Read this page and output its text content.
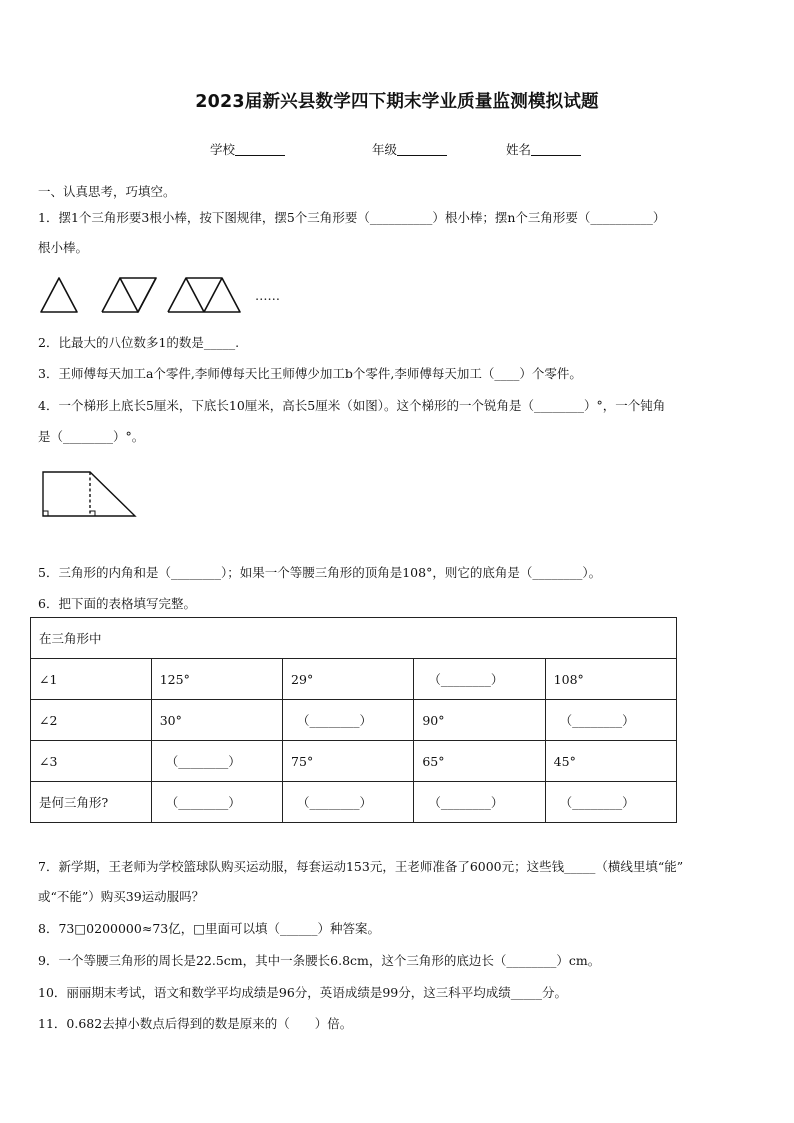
2023届新兴县数学四下期末学业质量监测模拟试题
学校	年级	姓名
一、认真思考，巧填空。
1．摆1个三角形要3根小棒，按下图规律，摆5个三角形要（__________）根小棒；摆n个三角形要（__________）
根小棒。
……
2．比最大的八位数多1的数是_____.
3．王师傅每天加工a个零件,李师傅每天比王师傅少加工b个零件,李师傅每天加工（____）个零件。
4．一个梯形上底长5厘米，下底长10厘米，高长5厘米（如图）。这个梯形的一个锐角是（________）°，一个钝角
是（________）°。
5．三角形的内角和是（________）；如果一个等腰三角形的顶角是108°，则它的底角是（________）。
6．把下面的表格填写完整。
在三角形中				
∠1	125°	29°	（________）	108°
∠2	30°	（________）	90°	（________）
∠3	（________）	75°	65°	45°
是何三角形?	（________）	（________）	（________）	（________）
7．新学期，王老师为学校篮球队购买运动服，每套运动153元，王老师准备了6000元；这些钱_____（横线里填“能”
或“不能”）购买39运动服吗？
8．73□0200000≈73亿，□里面可以填（______）种答案。
9．一个等腰三角形的周长是22.5cm，其中一条腰长6.8cm，这个三角形的底边长（________）cm。
10．丽丽期末考试，语文和数学平均成绩是96分，英语成绩是99分，这三科平均成绩_____分。
11．0.682去掉小数点后得到的数是原来的（　　）倍。
